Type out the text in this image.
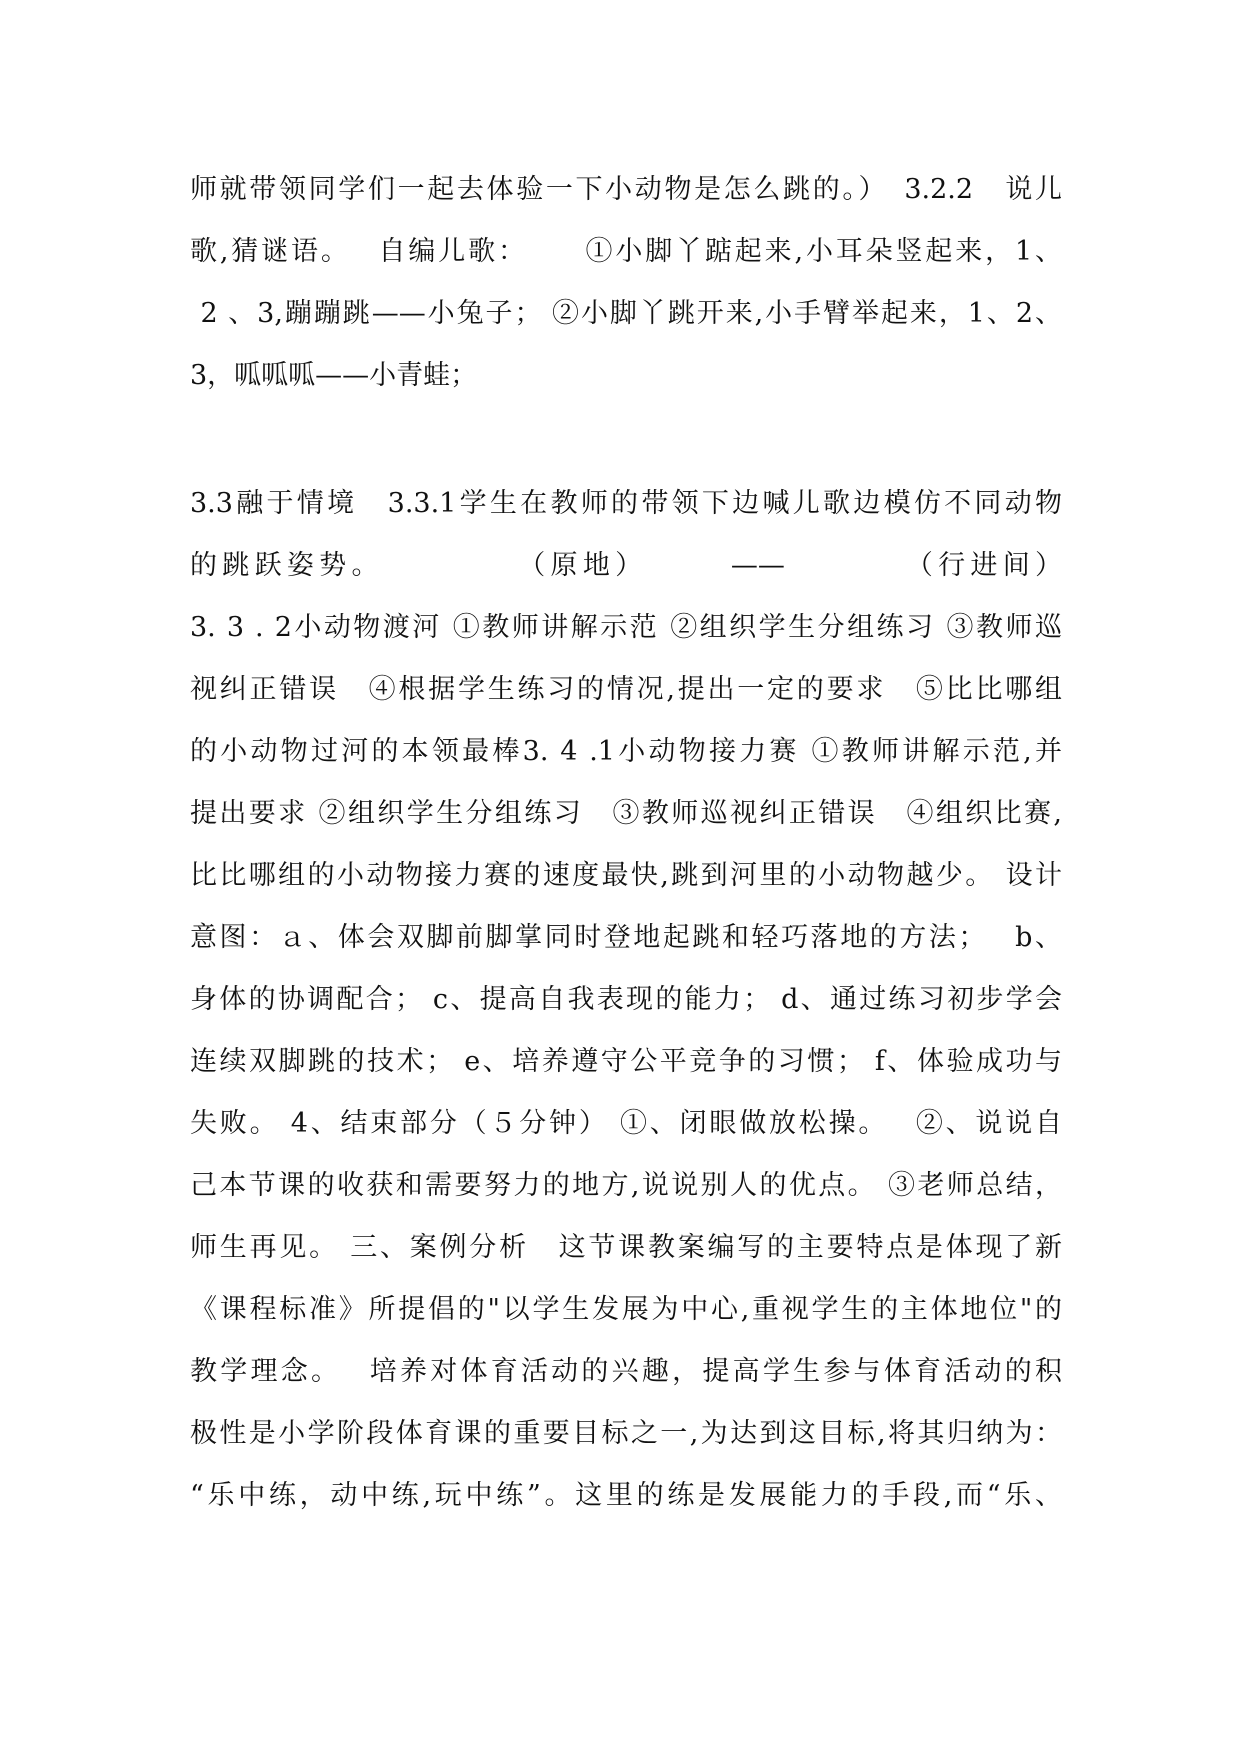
师就带领同学们一起去体验一下小动物是怎么跳的。）　3.2.2　说儿
歌,猜谜语。　 自编儿歌：　　 ①小脚丫踮起来,小耳朵竖起来，1、
2 、3,蹦蹦跳——小兔子； ②小脚丫跳开来,小手臂举起来，1、2、
3，呱呱呱——小青蛙；
3.3融于情境　3.3.1学生在教师的带领下边喊儿歌边模仿不同动物
的跳跃姿势。　　　　　（原地）　　　——　　　　（行进间）
3. 3 . 2小动物渡河 ①教师讲解示范 ②组织学生分组练习 ③教师巡
视纠正错误　④根据学生练习的情况,提出一定的要求　⑤比比哪组
的小动物过河的本领最棒3. 4 .1小动物接力赛 ①教师讲解示范,并
提出要求 ②组织学生分组练习　③教师巡视纠正错误　④组织比赛,
比比哪组的小动物接力赛的速度最快,跳到河里的小动物越少。 设计
意图：ａ、体会双脚前脚掌同时登地起跳和轻巧落地的方法；　 b、
身体的协调配合； c、提高自我表现的能力； d、通过练习初步学会
连续双脚跳的技术； e、培养遵守公平竞争的习惯； f、体验成功与
失败。 4、结束部分（５分钟） ①、闭眼做放松操。　 ②、说说自
己本节课的收获和需要努力的地方,说说别人的优点。 ③老师总结，
师生再见。 三、案例分析　这节课教案编写的主要特点是体现了新
《课程标准》所提倡的"以学生发展为中心,重视学生的主体地位"的
教学理念。　 培养对体育活动的兴趣，提高学生参与体育活动的积
极性是小学阶段体育课的重要目标之一,为达到这目标,将其归纳为：
“乐中练，动中练,玩中练”。这里的练是发展能力的手段,而“乐、
